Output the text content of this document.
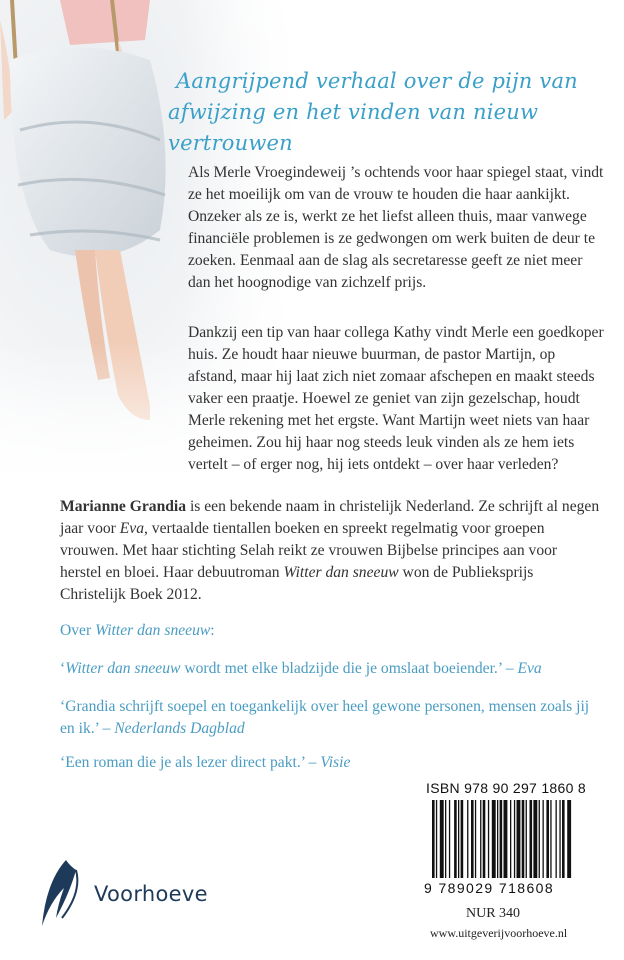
Aangrijpend verhaal over de pijn van
afwijzing en het vinden van nieuw vertrouwen

Als Merle Vroegindeweij ’s ochtends voor haar spiegel staat, vindt ze het moeilijk om van de vrouw te houden die haar aankijkt. Onzeker als ze is, werkt ze het liefst alleen thuis, maar vanwege financiële problemen is ze gedwongen om werk buiten de deur te zoeken. Eenmaal aan de slag als secretaresse geeft ze niet meer dan het hoognodige van zichzelf prijs.

Dankzij een tip van haar collega Kathy vindt Merle een goedkoper huis. Ze houdt haar nieuwe buurman, de pastor Martijn, op afstand, maar hij laat zich niet zomaar afschepen en maakt steeds vaker een praatje. Hoewel ze geniet van zijn gezelschap, houdt Merle rekening met het ergste. Want Martijn weet niets van haar geheimen. Zou hij haar nog steeds leuk vinden als ze hem iets vertelt – of erger nog, hij iets ontdekt – over haar verleden?

Marianne Grandia is een bekende naam in christelijk Nederland. Ze schrijft al negen jaar voor Eva, vertaalde tientallen boeken en spreekt regelmatig voor groepen vrouwen. Met haar stichting Selah reikt ze vrouwen Bijbelse principes aan voor herstel en bloei. Haar debuutroman Witter dan sneeuw won de Publieksprijs Christelijk Boek 2012.

Over Witter dan sneeuw:
‘Witter dan sneeuw wordt met elke bladzijde die je omslaat boeiender.’ – Eva
‘Grandia schrijft soepel en toegankelijk over heel gewone personen, mensen zoals jij en ik.’ – Nederlands Dagblad
‘Een roman die je als lezer direct pakt.’ – Visie
ISBN 978 90 297 1860 8
9 789029 718608
NUR 340
www.uitgeverijvoorhoeve.nl
Voorhoeve
